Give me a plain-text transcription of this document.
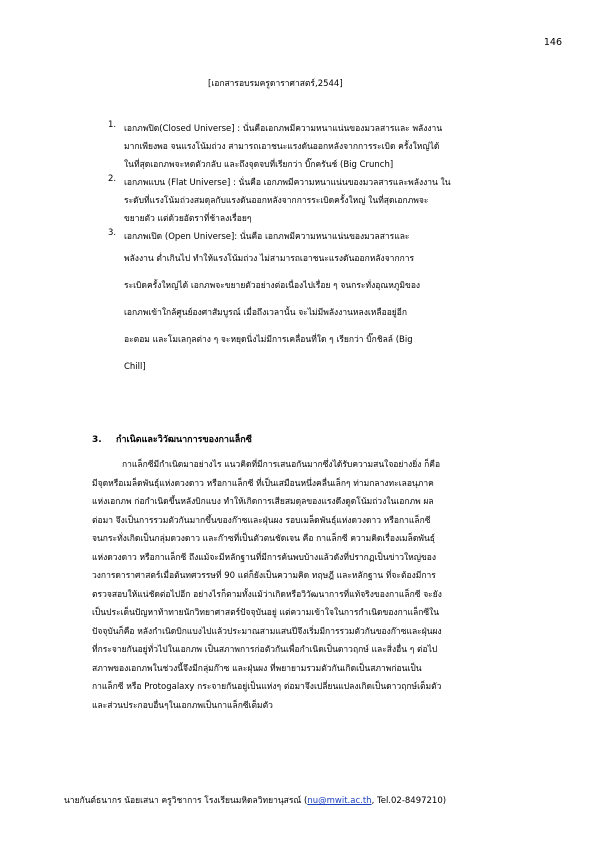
146
[เอกสารอบรมครูดาราศาสตร์,2544]
1. เอกภพปิด(Closed Universe] : นั่นคือเอกภพมีความหนาแน่นของมวลสารและ พลังงาน
มากเพียงพอ จนแรงโน้มถ่วง สามารถเอาชนะแรงดันออกหลังจากการระเบิด ครั้งใหญ่ได้
ในที่สุดเอกภพจะหดตัวกลับ และถึงจุดจบที่เรียกว่า บิ๊กครันช์ (Big Crunch]
2. เอกภพแบน (Flat Universe] : นั่นคือ เอกภพมีความหนาแน่นของมวลสารและพลังงาน ใน
ระดับที่แรงโน้มถ่วงสมดุลกับแรงดันออกหลังจากการระเบิดครั้งใหญ่ ในที่สุดเอกภพจะ
ขยายตัว แต่ด้วยอัตราที่ช้าลงเรื่อยๆ
3. เอกภพเปิด (Open Universe]: นั่นคือ เอกภพมีความหนาแน่นของมวลสารและ
พลังงาน ต่ำเกินไป ทำให้แรงโน้มถ่วง ไม่สามารถเอาชนะแรงดันออกหลังจากการ
ระเบิดครั้งใหญ่ได้ เอกภพจะขยายตัวอย่างต่อเนื่องไปเรื่อย ๆ จนกระทั่งอุณหภูมิของ
เอกภพเข้าใกล้ศูนย์องศาสัมบูรณ์ เมื่อถึงเวลานั้น จะไม่มีพลังงานหลงเหลืออยู่อีก
อะตอม และโมเลกุลต่าง ๆ จะหยุดนิ่งไม่มีการเคลื่อนที่ใด ๆ เรียกว่า บิ๊กชิลล์ (Big
Chill]
3. กำเนิดและวิวัฒนาการของกาแล็กซี
กาแล็กซีมีกำเนิดมาอย่างไร แนวคิดที่มีการเสนอกันมากซึ่งได้รับความสนใจอย่างยิ่ง ก็คือ
มีจุดหรือเมล็ดพันธุ์แห่งดวงดาว หรือกาแล็กซี ที่เป็นเสมือนหนึ่งคลื่นเล็กๆ ท่ามกลางทะเลอนุภาค
แห่งเอกภพ ก่อกำเนิดขึ้นหลังบิกแบง ทำให้เกิดการเสียสมดุลของแรงดึงดูดโน้มถ่วงในเอกภพ ผล
ต่อมา จึงเป็นการรวมตัวกันมากขึ้นของก๊าซและฝุ่นผง รอบเมล็ดพันธุ์แห่งดวงดาว หรือกาแล็กซี
จนกระทั่งเกิดเป็นกลุ่มดวงดาว และก๊าซที่เป็นตัวตนชัดเจน คือ กาแล็กซี ความคิดเรื่องเมล็ดพันธุ์
แห่งดวงดาว หรือกาแล็กซี ถึงแม้จะมีหลักฐานที่มีการค้นพบบ้างแล้วดังที่ปรากฏเป็นข่าวใหญ่ของ
วงการดาราศาสตร์เมื่อต้นทศวรรษที่ 90 แต่ก็ยังเป็นความคิด ทฤษฎี และหลักฐาน ที่จะต้องมีการ
ตรวจสอบให้แน่ชัดต่อไปอีก อย่างไรก็ตามทั้งแม้ว่าเกิดหรือวิวัฒนาการที่แท้จริงของกาแล็กซี จะยัง
เป็นประเด็นปัญหาท้าทายนักวิทยาศาสตร์ปัจจุบันอยู่ แต่ความเข้าใจในการกำเนิดของกาแล็กซีใน
ปัจจุบันก็คือ หลังกำเนิดบิกแบงไปแล้วประมาณสามแสนปีจึงเริ่มมีการรวมตัวกันของก๊าซและฝุ่นผง
ที่กระจายกันอยู่ทั่วไปในเอกภพ เป็นสภาพการก่อตัวกันเพื่อกำเนิดเป็นดาวฤกษ์ และสิ่งอื่น ๆ ต่อไป
สภาพของเอกภพในช่วงนี้จึงมีกลุ่มก๊าซ และฝุ่นผง ที่พยายามรวมตัวกันเกิดเป็นสภาพก่อนเป็น
กาแล็กซี หรือ Protogalaxy กระจายกันอยู่เป็นแห่งๆ ต่อมาจึงเปลี่ยนแปลงเกิดเป็นดาวฤกษ์เต็มตัว
และส่วนประกอบอื่นๆในเอกภพเป็นกาแล็กซีเต็มตัว
นายกันต์ธนากร น้อยเสนา ครูวิชาการ โรงเรียนมหิดลวิทยานุสรณ์ (nu@mwit.ac.th, Tel.02-8497210)
